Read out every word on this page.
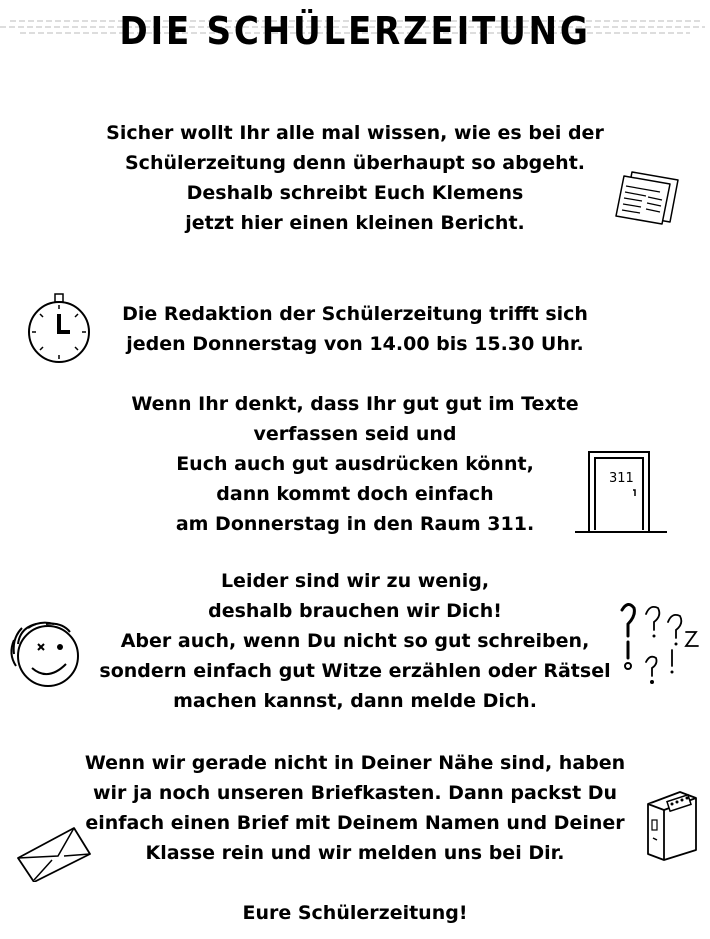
DIE SCHÜLERZEITUNG
Sicher wollt Ihr alle mal wissen, wie es bei der
Schülerzeitung denn überhaupt so abgeht.
Deshalb schreibt Euch Klemens
jetzt hier einen kleinen Bericht.
Die Redaktion der Schülerzeitung trifft sich
jeden Donnerstag von 14.00 bis 15.30 Uhr.
Wenn Ihr denkt, dass Ihr gut gut im Texte
verfassen seid und
Euch auch gut ausdrücken könnt,
dann kommt doch einfach
am Donnerstag in den Raum 311.
Leider sind wir zu wenig,
deshalb brauchen wir Dich!
Aber auch, wenn Du nicht so gut schreiben,
sondern einfach gut Witze erzählen oder Rätsel
machen kannst, dann melde Dich.
Wenn wir gerade nicht in Deiner Nähe sind, haben
wir ja noch unseren Briefkasten. Dann packst Du
einfach einen Brief mit Deinem Namen und Deiner
Klasse rein und wir melden uns bei Dir.
Eure Schülerzeitung!
311
